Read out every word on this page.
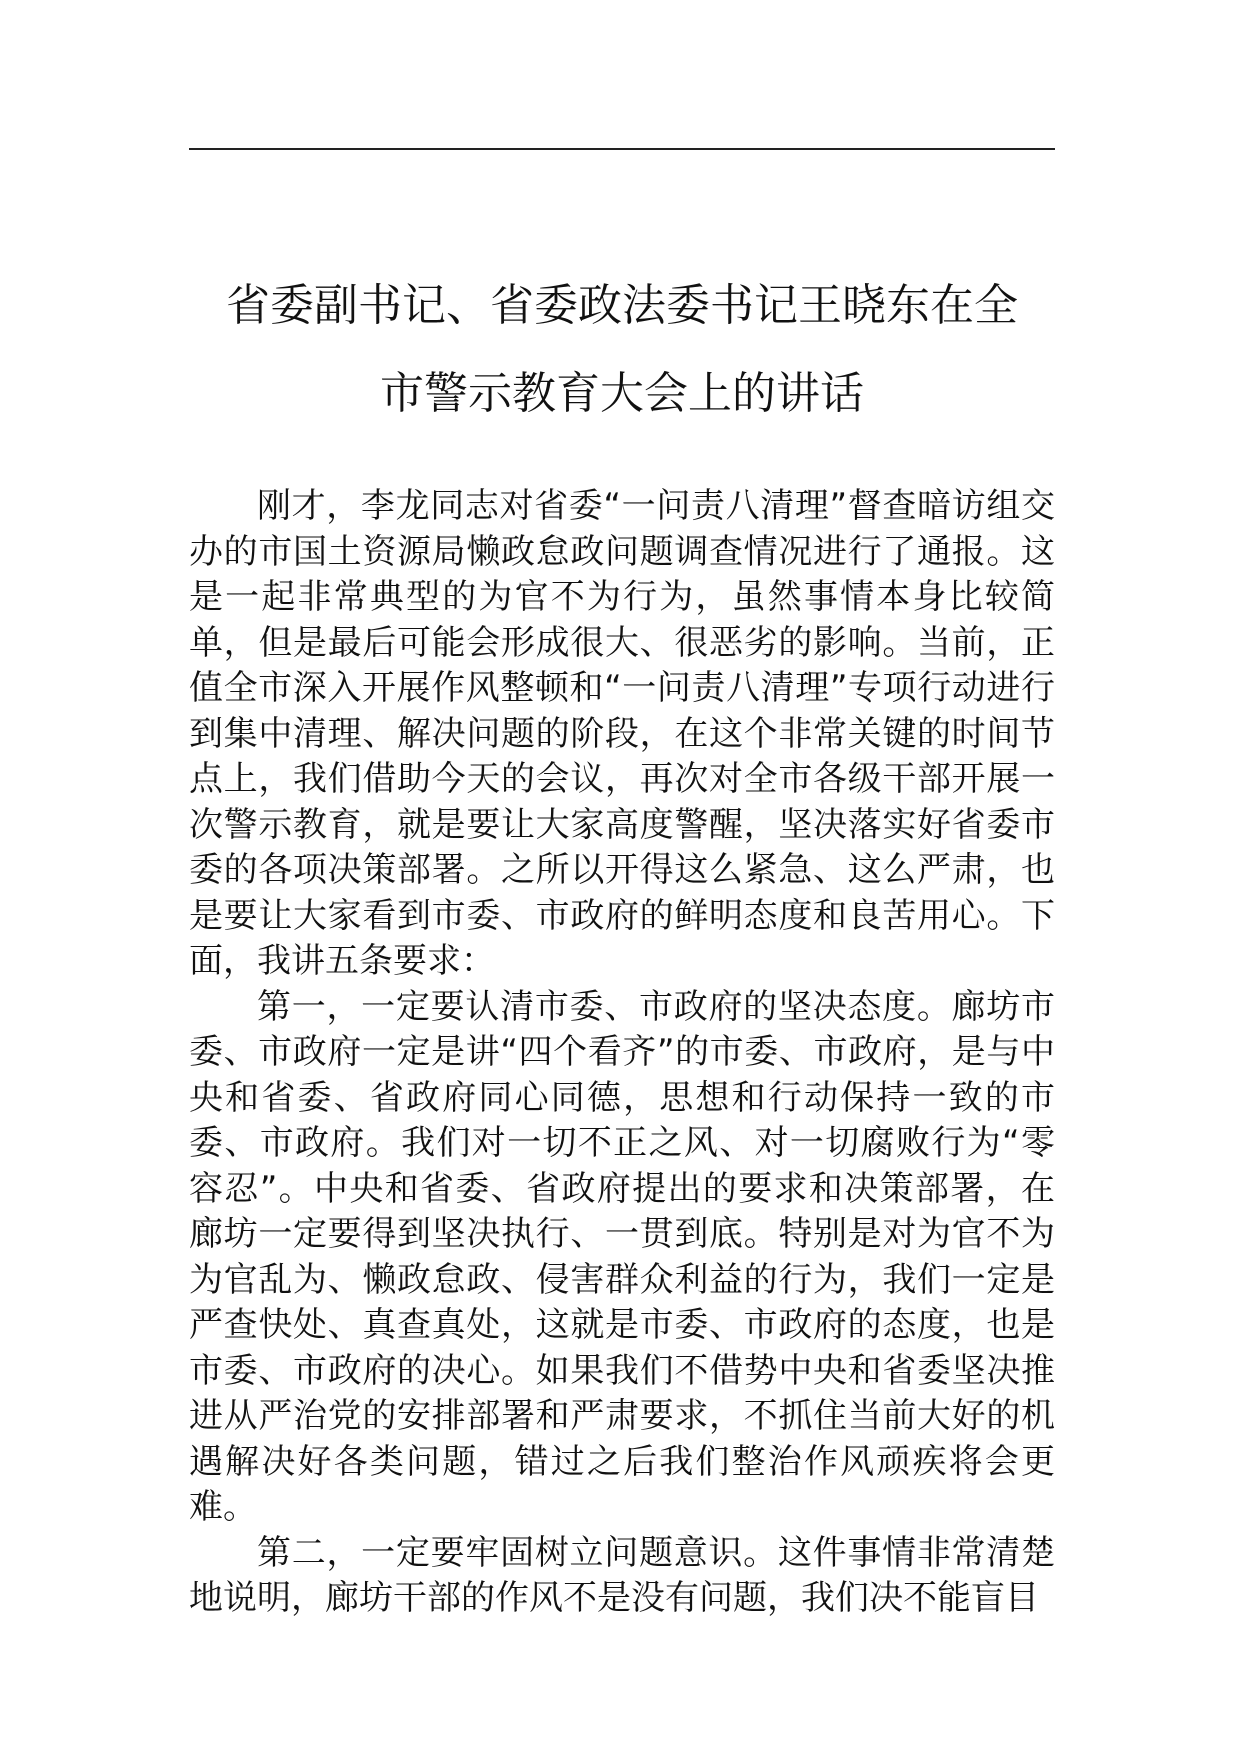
省委副书记、省委政法委书记王晓东在全
市警示教育大会上的讲话

刚才，李龙同志对省委“一问责八清理”督查暗访组交办的市国土资源局懒政怠政问题调查情况进行了通报。这是一起非常典型的为官不为行为，虽然事情本身比较简单，但是最后可能会形成很大、很恶劣的影响。当前，正值全市深入开展作风整顿和“一问责八清理”专项行动进行到集中清理、解决问题的阶段，在这个非常关键的时间节点上，我们借助今天的会议，再次对全市各级干部开展一次警示教育，就是要让大家高度警醒，坚决落实好省委市委的各项决策部署。之所以开得这么紧急、这么严肃，也是要让大家看到市委、市政府的鲜明态度和良苦用心。下面，我讲五条要求：

第一，一定要认清市委、市政府的坚决态度。廊坊市委、市政府一定是讲“四个看齐”的市委、市政府，是与中央和省委、省政府同心同德，思想和行动保持一致的市委、市政府。我们对一切不正之风、对一切腐败行为“零容忍”。中央和省委、省政府提出的要求和决策部署，在廊坊一定要得到坚决执行、一贯到底。特别是对为官不为为官乱为、懒政怠政、侵害群众利益的行为，我们一定是严查快处、真查真处，这就是市委、市政府的态度，也是市委、市政府的决心。如果我们不借势中央和省委坚决推进从严治党的安排部署和严肃要求，不抓住当前大好的机遇解决好各类问题，错过之后我们整治作风顽疾将会更难。

第二，一定要牢固树立问题意识。这件事情非常清楚地说明，廊坊干部的作风不是没有问题，我们决不能盲目
